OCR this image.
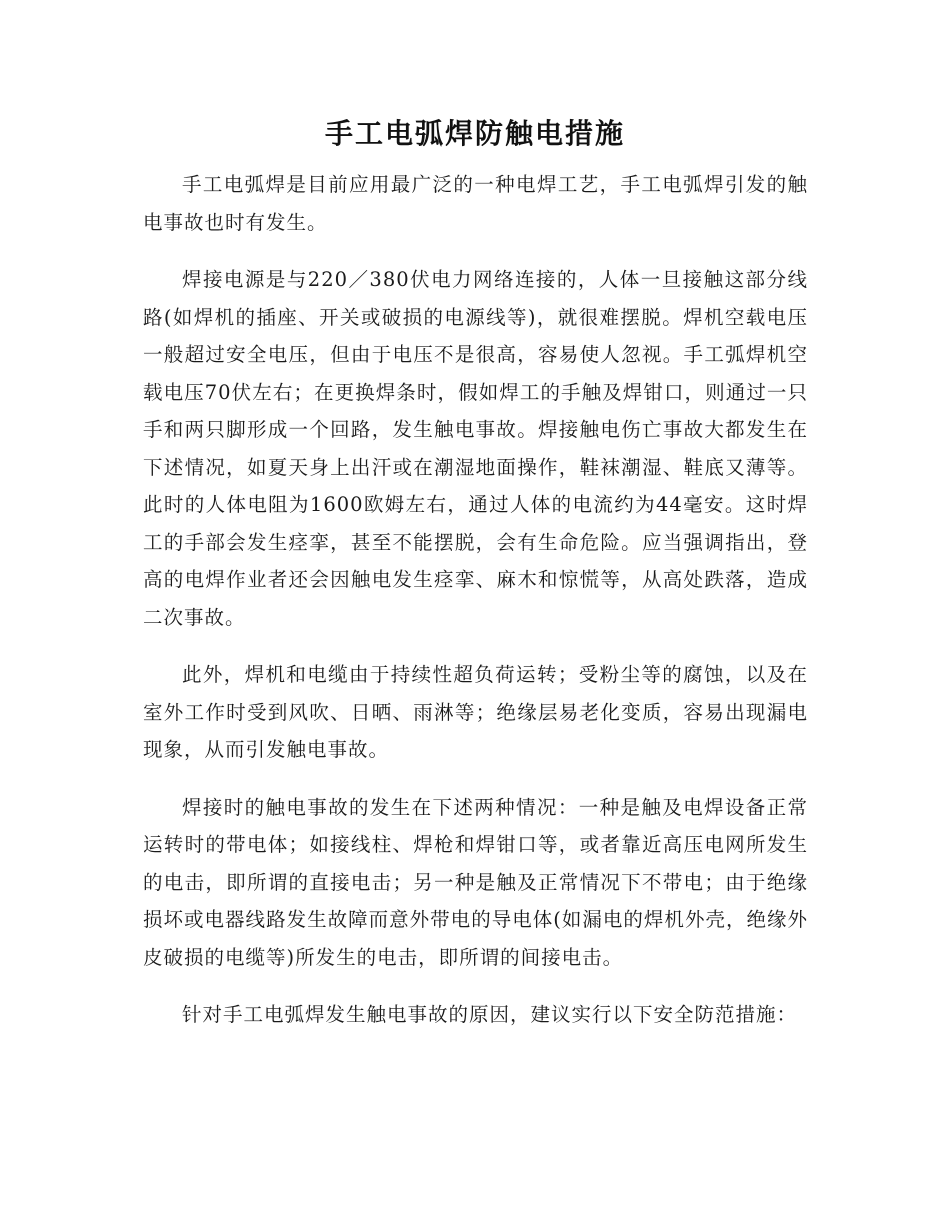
手工电弧焊防触电措施

手工电弧焊是目前应用最广泛的一种电焊工艺，手工电弧焊引发的触电事故也时有发生。

焊接电源是与220／380伏电力网络连接的，人体一旦接触这部分线路(如焊机的插座、开关或破损的电源线等)，就很难摆脱。焊机空载电压一般超过安全电压，但由于电压不是很高，容易使人忽视。手工弧焊机空载电压70伏左右；在更换焊条时，假如焊工的手触及焊钳口，则通过一只手和两只脚形成一个回路，发生触电事故。焊接触电伤亡事故大都发生在下述情况，如夏天身上出汗或在潮湿地面操作，鞋袜潮湿、鞋底又薄等。此时的人体电阻为1600欧姆左右，通过人体的电流约为44毫安。这时焊工的手部会发生痉挛，甚至不能摆脱，会有生命危险。应当强调指出，登高的电焊作业者还会因触电发生痉挛、麻木和惊慌等，从高处跌落，造成二次事故。

此外，焊机和电缆由于持续性超负荷运转；受粉尘等的腐蚀，以及在室外工作时受到风吹、日晒、雨淋等；绝缘层易老化变质，容易出现漏电现象，从而引发触电事故。

焊接时的触电事故的发生在下述两种情况：一种是触及电焊设备正常运转时的带电体；如接线柱、焊枪和焊钳口等，或者靠近高压电网所发生的电击，即所谓的直接电击；另一种是触及正常情况下不带电；由于绝缘损坏或电器线路发生故障而意外带电的导电体(如漏电的焊机外壳，绝缘外皮破损的电缆等)所发生的电击，即所谓的间接电击。

针对手工电弧焊发生触电事故的原因，建议实行以下安全防范措施：
